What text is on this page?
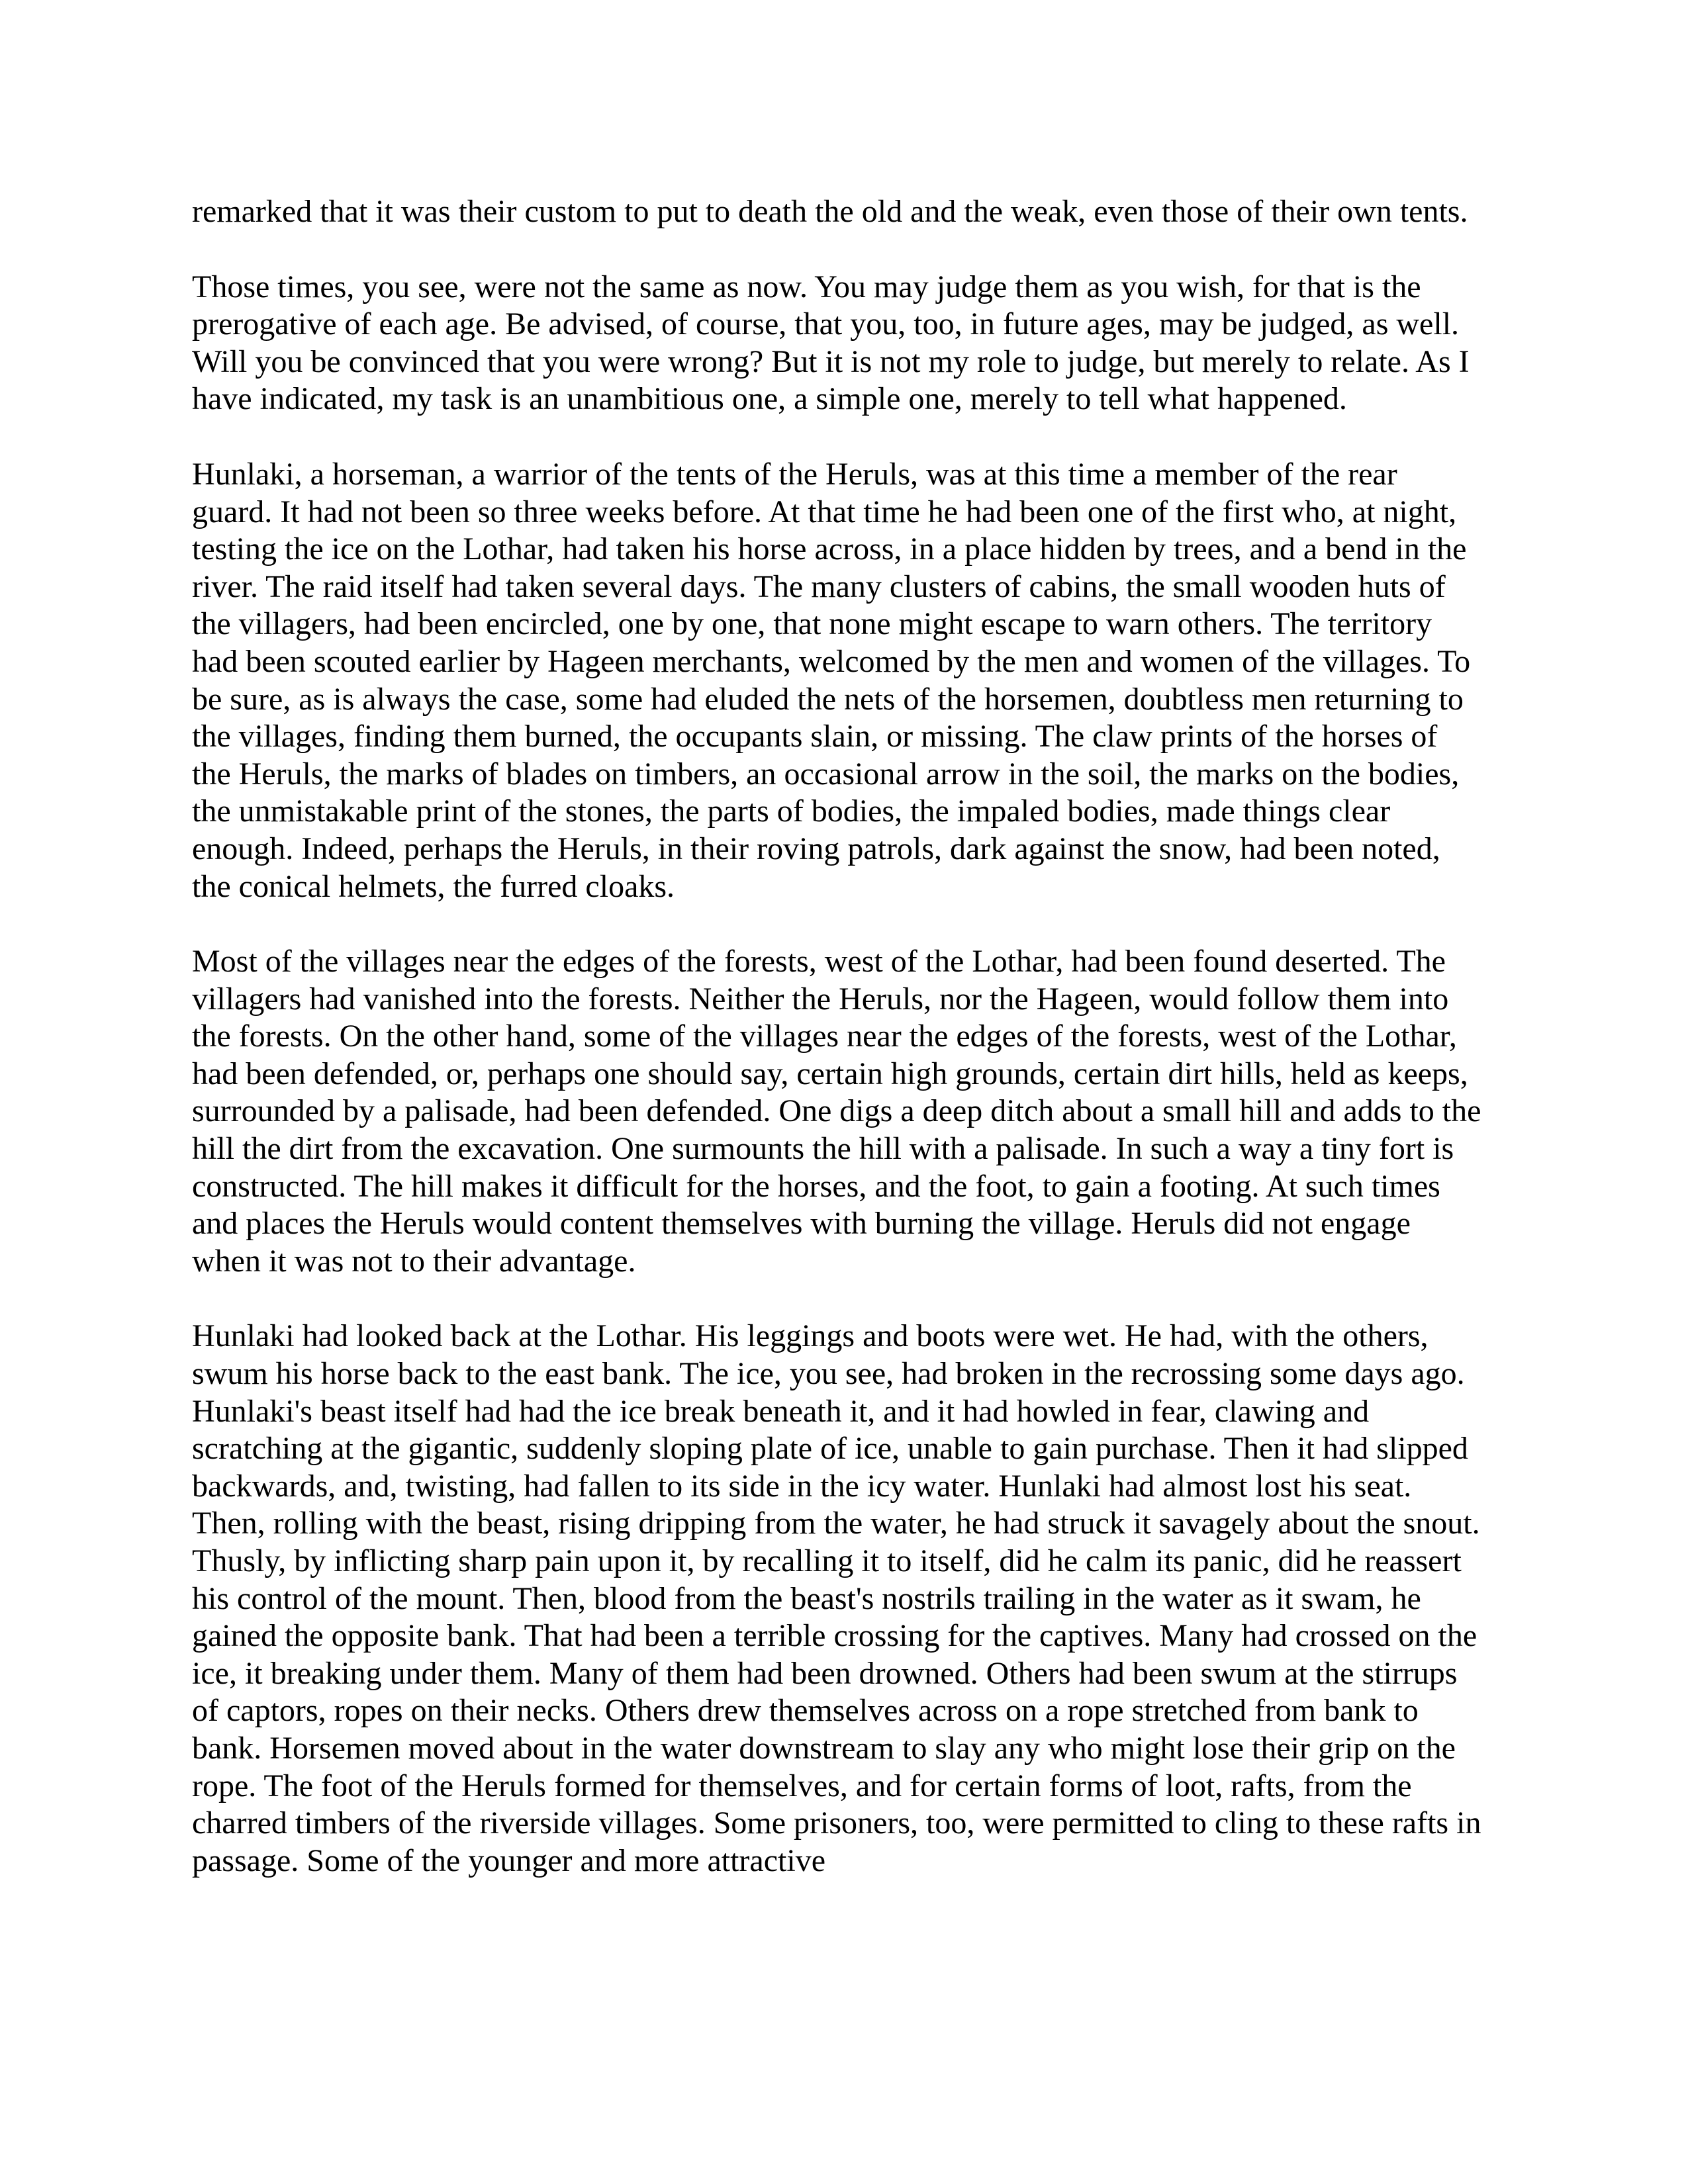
remarked that it was their custom to put to death the old and the weak, even those of their own tents.

Those times, you see, were not the same as now. You may judge them as you wish, for that is the prerogative of each age. Be advised, of course, that you, too, in future ages, may be judged, as well. Will you be convinced that you were wrong? But it is not my role to judge, but merely to relate. As I have indicated, my task is an unambitious one, a simple one, merely to tell what happened.

Hunlaki, a horseman, a warrior of the tents of the Heruls, was at this time a member of the rear guard. It had not been so three weeks before. At that time he had been one of the first who, at night, testing the ice on the Lothar, had taken his horse across, in a place hidden by trees, and a bend in the river. The raid itself had taken several days. The many clusters of cabins, the small wooden huts of the villagers, had been encircled, one by one, that none might escape to warn others. The territory had been scouted earlier by Hageen merchants, welcomed by the men and women of the villages. To be sure, as is always the case, some had eluded the nets of the horsemen, doubtless men returning to the villages, finding them burned, the occupants slain, or missing. The claw prints of the horses of the Heruls, the marks of blades on timbers, an occasional arrow in the soil, the marks on the bodies, the unmistakable print of the stones, the parts of bodies, the impaled bodies, made things clear enough. Indeed, perhaps the Heruls, in their roving patrols, dark against the snow, had been noted, the conical helmets, the furred cloaks.

Most of the villages near the edges of the forests, west of the Lothar, had been found deserted. The villagers had vanished into the forests. Neither the Heruls, nor the Hageen, would follow them into the forests. On the other hand, some of the villages near the edges of the forests, west of the Lothar, had been defended, or, perhaps one should say, certain high grounds, certain dirt hills, held as keeps, surrounded by a palisade, had been defended. One digs a deep ditch about a small hill and adds to the hill the dirt from the excavation. One surmounts the hill with a palisade. In such a way a tiny fort is constructed. The hill makes it difficult for the horses, and the foot, to gain a footing. At such times and places the Heruls would content themselves with burning the village. Heruls did not engage when it was not to their advantage.

Hunlaki had looked back at the Lothar. His leggings and boots were wet. He had, with the others, swum his horse back to the east bank. The ice, you see, had broken in the recrossing some days ago. Hunlaki's beast itself had had the ice break beneath it, and it had howled in fear, clawing and scratching at the gigantic, suddenly sloping plate of ice, unable to gain purchase. Then it had slipped backwards, and, twisting, had fallen to its side in the icy water. Hunlaki had almost lost his seat. Then, rolling with the beast, rising dripping from the water, he had struck it savagely about the snout. Thusly, by inflicting sharp pain upon it, by recalling it to itself, did he calm its panic, did he reassert his control of the mount. Then, blood from the beast's nostrils trailing in the water as it swam, he gained the opposite bank. That had been a terrible crossing for the captives. Many had crossed on the ice, it breaking under them. Many of them had been drowned. Others had been swum at the stirrups of captors, ropes on their necks. Others drew themselves across on a rope stretched from bank to bank. Horsemen moved about in the water downstream to slay any who might lose their grip on the rope. The foot of the Heruls formed for themselves, and for certain forms of loot, rafts, from the charred timbers of the riverside villages. Some prisoners, too, were permitted to cling to these rafts in passage. Some of the younger and more attractive
